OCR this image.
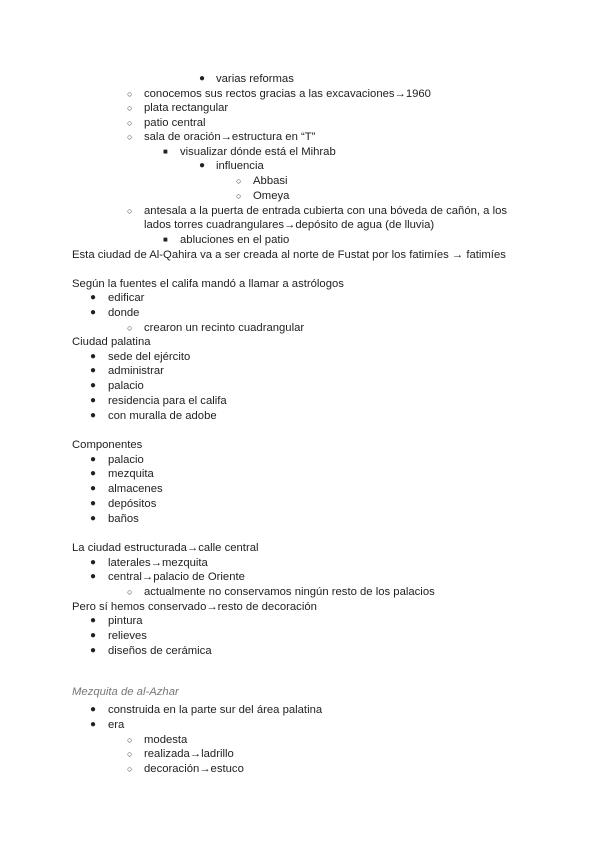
● varias reformas
○ conocemos sus rectos gracias a las excavaciones→1960
○ plata rectangular
○ patio central
○ sala de oración→estructura en “T”
■ visualizar dónde está el Mihrab
● influencia
○ Abbasi
○ Omeya
○ antesala a la puerta de entrada cubierta con una bóveda de cañón, a los
lados torres cuadrangulares→depósito de agua (de lluvia)
■ abluciones en el patio
Esta ciudad de Al-Qahira va a ser creada al norte de Fustat por los fatimíes → fatimíes
Según la fuentes el califa mandó a llamar a astrólogos
● edificar
● donde
○ crearon un recinto cuadrangular
Ciudad palatina
● sede del ejército
● administrar
● palacio
● residencia para el califa
● con muralla de adobe
Componentes
● palacio
● mezquita
● almacenes
● depósitos
● baños
La ciudad estructurada→calle central
● laterales→mezquita
● central→palacio de Oriente
○ actualmente no conservamos ningún resto de los palacios
Pero sí hemos conservado→resto de decoración
● pintura
● relieves
● diseños de cerámica
Mezquita de al-Azhar
● construida en la parte sur del área palatina
● era
○ modesta
○ realizada→ladrillo
○ decoración→estuco
